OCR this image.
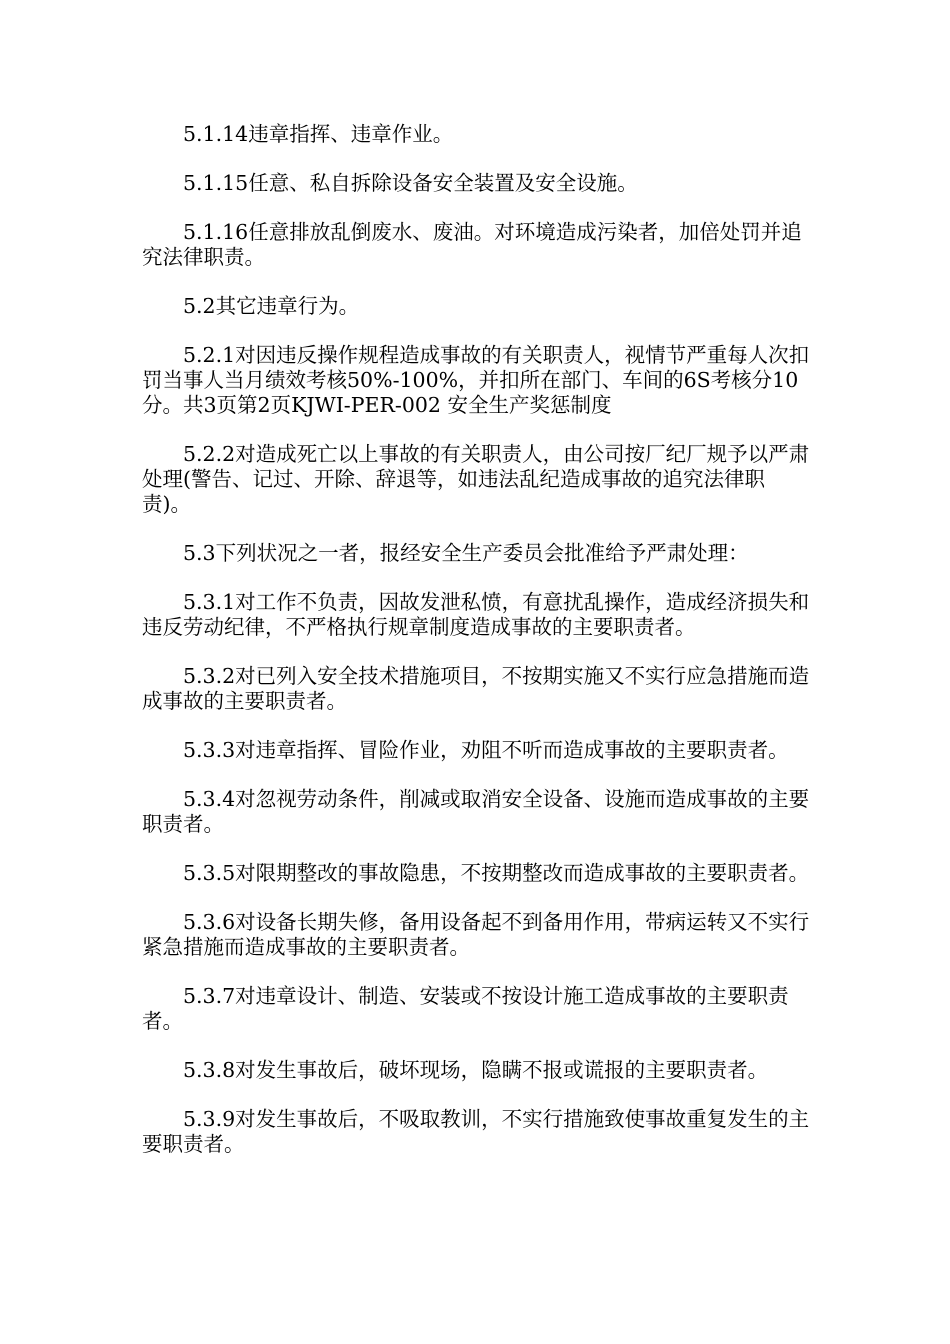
5.1.14违章指挥、违章作业。

5.1.15任意、私自拆除设备安全装置及安全设施。

5.1.16任意排放乱倒废水、废油。对环境造成污染者，加倍处罚并追究法律职责。

5.2其它违章行为。

5.2.1对因违反操作规程造成事故的有关职责人，视情节严重每人次扣罚当事人当月绩效考核50%-100%，并扣所在部门、车间的6S考核分10分。共3页第2页KJWI-PER-002 安全生产奖惩制度

5.2.2对造成死亡以上事故的有关职责人，由公司按厂纪厂规予以严肃处理(警告、记过、开除、辞退等，如违法乱纪造成事故的追究法律职责)。

5.3下列状况之一者，报经安全生产委员会批准给予严肃处理：

5.3.1对工作不负责，因故发泄私愤，有意扰乱操作，造成经济损失和违反劳动纪律，不严格执行规章制度造成事故的主要职责者。

5.3.2对已列入安全技术措施项目，不按期实施又不实行应急措施而造成事故的主要职责者。

5.3.3对违章指挥、冒险作业，劝阻不听而造成事故的主要职责者。

5.3.4对忽视劳动条件，削减或取消安全设备、设施而造成事故的主要职责者。

5.3.5对限期整改的事故隐患，不按期整改而造成事故的主要职责者。

5.3.6对设备长期失修，备用设备起不到备用作用，带病运转又不实行紧急措施而造成事故的主要职责者。

5.3.7对违章设计、制造、安装或不按设计施工造成事故的主要职责者。

5.3.8对发生事故后，破坏现场，隐瞒不报或谎报的主要职责者。

5.3.9对发生事故后，不吸取教训，不实行措施致使事故重复发生的主要职责者。
